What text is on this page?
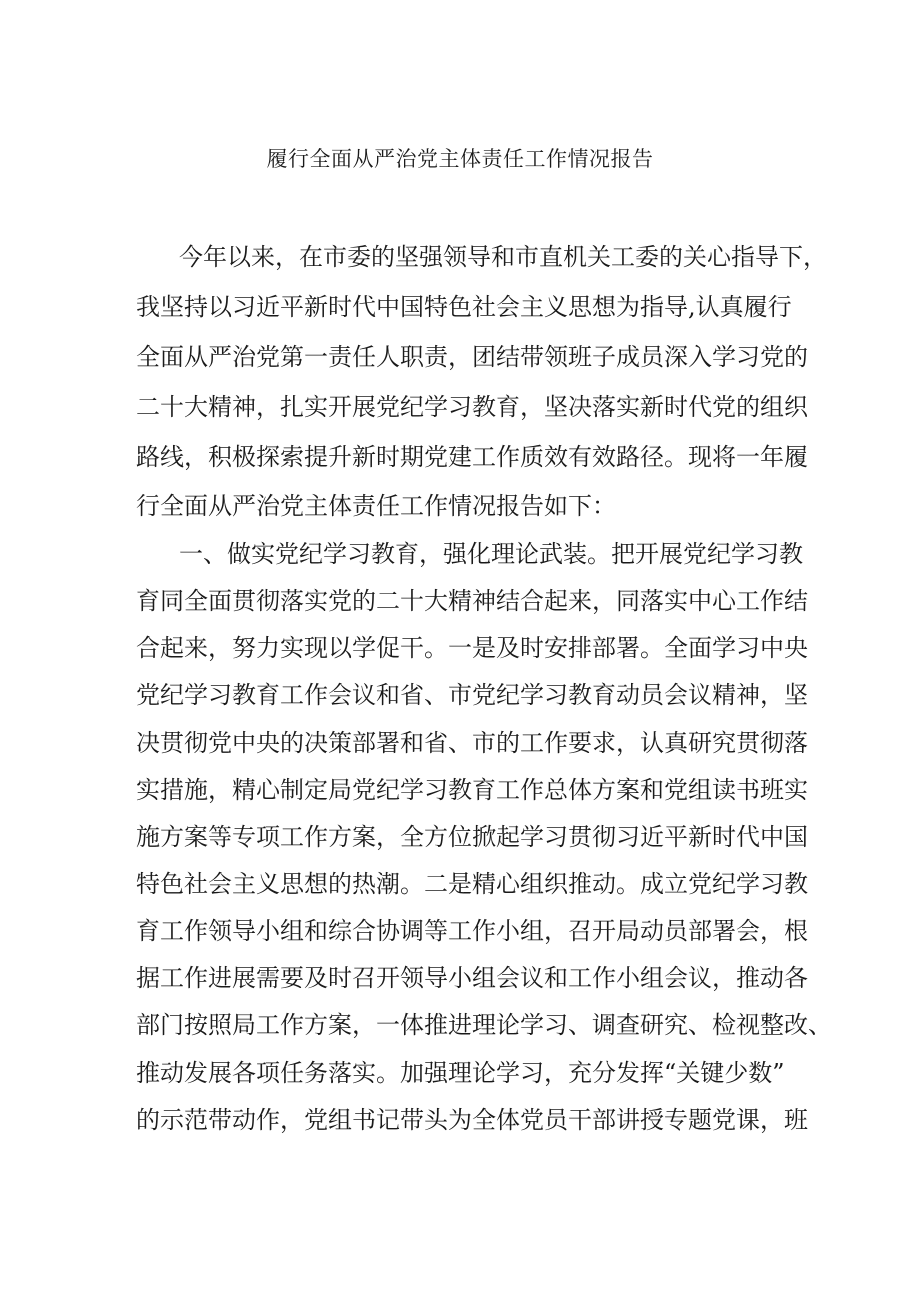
履行全面从严治党主体责任工作情况报告
今年以来，在市委的坚强领导和市直机关工委的关心指导下，
我坚持以习近平新时代中国特色社会主义思想为指导,认真履行
全面从严治党第一责任人职责，团结带领班子成员深入学习党的
二十大精神，扎实开展党纪学习教育，坚决落实新时代党的组织
路线，积极探索提升新时期党建工作质效有效路径。现将一年履
行全面从严治党主体责任工作情况报告如下：
一、做实党纪学习教育，强化理论武装。把开展党纪学习教
育同全面贯彻落实党的二十大精神结合起来，同落实中心工作结
合起来，努力实现以学促干。一是及时安排部署。全面学习中央
党纪学习教育工作会议和省、市党纪学习教育动员会议精神，坚
决贯彻党中央的决策部署和省、市的工作要求，认真研究贯彻落
实措施，精心制定局党纪学习教育工作总体方案和党组读书班实
施方案等专项工作方案，全方位掀起学习贯彻习近平新时代中国
特色社会主义思想的热潮。二是精心组织推动。成立党纪学习教
育工作领导小组和综合协调等工作小组，召开局动员部署会，根
据工作进展需要及时召开领导小组会议和工作小组会议，推动各
部门按照局工作方案，一体推进理论学习、调查研究、检视整改、
推动发展各项任务落实。加强理论学习，充分发挥“关键少数”
的示范带动作，党组书记带头为全体党员干部讲授专题党课，班
